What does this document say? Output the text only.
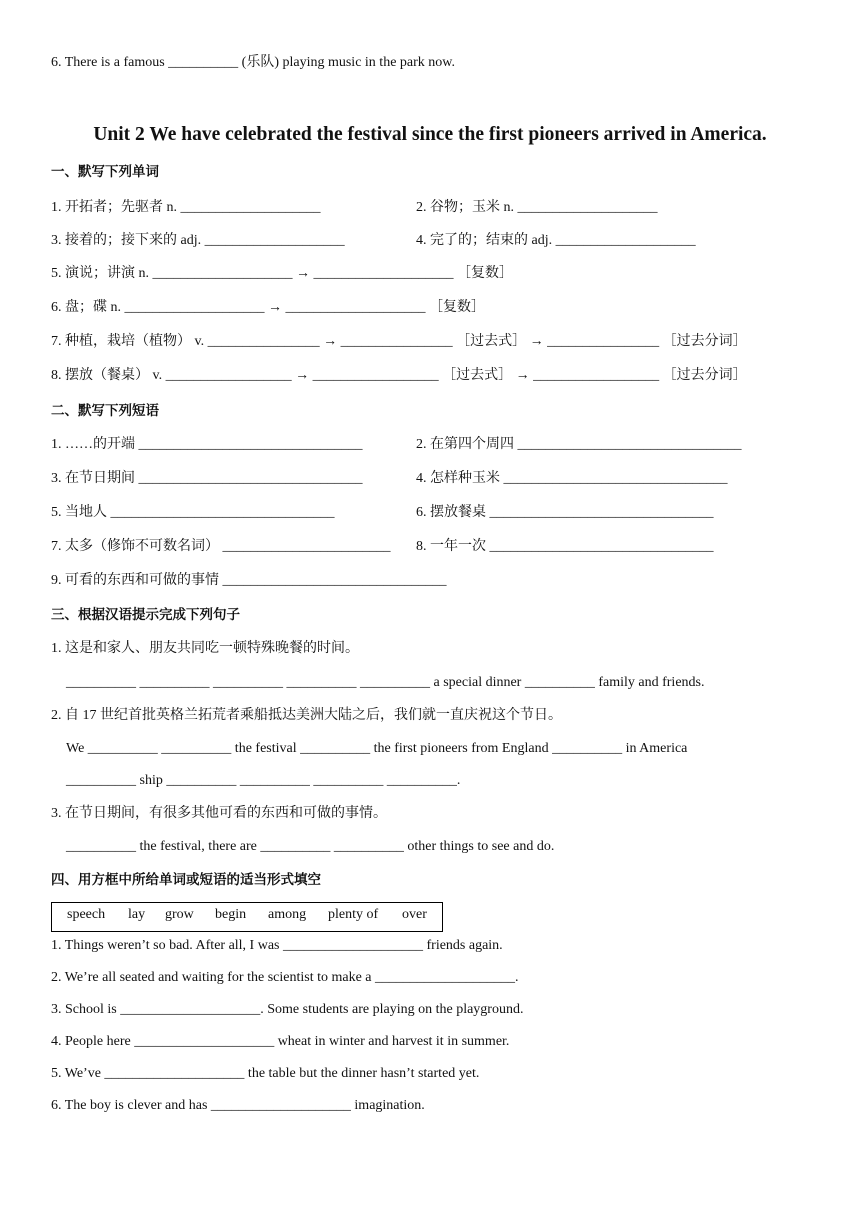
6. There is a famous __________ (乐队) playing music in the park now.
Unit 2 We have celebrated the festival since the first pioneers arrived in America.
一、默写下列单词
1. 开拓者；先驱者 n. ____________________	2. 谷物；玉米 n. ____________________
3. 接着的；接下来的 adj. ____________________	4. 完了的；结束的 adj. ____________________
5. 演说；讲演 n. ____________________ → ____________________ ［复数］
6. 盘；碟 n. ____________________ → ____________________ ［复数］
7. 种植，栽培（植物） v. ________________ → ________________ ［过去式］ → ________________ ［过去分词］
8. 摆放（餐桌） v. __________________ → __________________ ［过去式］ → __________________ ［过去分词］
二、默写下列短语
1. ……的开端 ________________________________	2. 在第四个周四 ________________________________
3. 在节日期间 ________________________________	4. 怎样种玉米 ________________________________
5. 当地人 ________________________________	6. 摆放餐桌 ________________________________
7. 太多（修饰不可数名词） ________________________ 8. 一年一次 ________________________________
9. 可看的东西和可做的事情 ________________________________
三、根据汉语提示完成下列句子
1. 这是和家人、朋友共同吃一顿特殊晚餐的时间。
__________ __________ __________ __________ __________ a special dinner __________ family and friends.
2. 自 17 世纪首批英格兰拓荒者乘船抵达美洲大陆之后，我们就一直庆祝这个节日。
We __________ __________ the festival __________ the first pioneers from England __________ in America
__________ ship __________ __________ __________ __________.
3. 在节日期间，有很多其他可看的东西和可做的事情。
__________ the festival, there are __________ __________ other things to see and do.
四、用方框中所给单词或短语的适当形式填空
speech lay grow begin among plenty of over
1. Things weren’t so bad. After all, I was ____________________ friends again.
2. We’re all seated and waiting for the scientist to make a ____________________.
3. School is ____________________. Some students are playing on the playground.
4. People here ____________________ wheat in winter and harvest it in summer.
5. We’ve ____________________ the table but the dinner hasn’t started yet.
6. The boy is clever and has ____________________ imagination.
